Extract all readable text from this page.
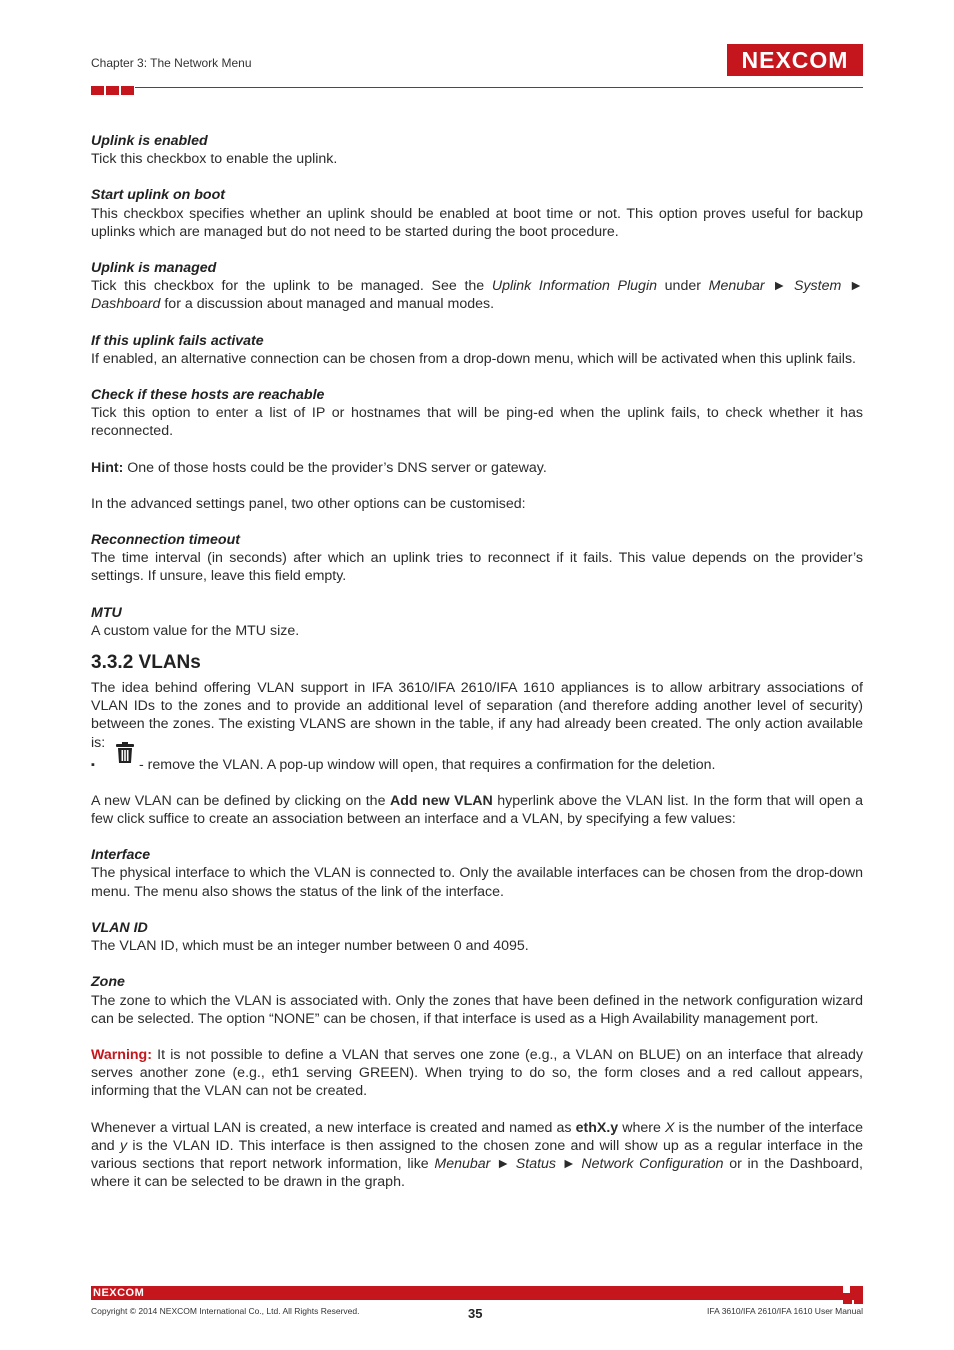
Chapter 3: The Network Menu	NEXCOM

Uplink is enabled

Tick this checkbox to enable the uplink.

Start uplink on boot

This checkbox specifies whether an uplink should be enabled at boot time or not. This option proves useful for backup uplinks which are managed but do not need to be started during the boot procedure.

Uplink is managed

Tick this checkbox for the uplink to be managed. See the Uplink Information Plugin under Menubar ► System ► Dashboard for a discussion about managed and manual modes.

If this uplink fails activate

If enabled, an alternative connection can be chosen from a drop-down menu, which will be activated when this uplink fails.

Check if these hosts are reachable

Tick this option to enter a list of IP or hostnames that will be ping-ed when the uplink fails, to check whether it has reconnected.

Hint: One of those hosts could be the provider’s DNS server or gateway.

In the advanced settings panel, two other options can be customised:

Reconnection timeout

The time interval (in seconds) after which an uplink tries to reconnect if it fails. This value depends on the provider’s settings. If unsure, leave this field empty.

MTU

A custom value for the MTU size.

3.3.2 VLANs

The idea behind offering VLAN support in IFA 3610/IFA 2610/IFA 1610 appliances is to allow arbitrary associations of VLAN IDs to the zones and to provide an additional level of separation (and therefore adding another level of security) between the zones. The existing VLANS are shown in the table, if any had already been created. The only action available is:

▪	- remove the VLAN. A pop-up window will open, that requires a confirmation for the deletion.

A new VLAN can be defined by clicking on the Add new VLAN hyperlink above the VLAN list. In the form that will open a few click suffice to create an association between an interface and a VLAN, by specifying a few values:

Interface

The physical interface to which the VLAN is connected to. Only the available interfaces can be chosen from the drop-down menu. The menu also shows the status of the link of the interface.

VLAN ID

The VLAN ID, which must be an integer number between 0 and 4095.

Zone

The zone to which the VLAN is associated with. Only the zones that have been defined in the network configuration wizard can be selected. The option “NONE” can be chosen, if that interface is used as a High Availability management port.

Warning: It is not possible to define a VLAN that serves one zone (e.g., a VLAN on BLUE) on an interface that already serves another zone (e.g., eth1 serving GREEN). When trying to do so, the form closes and a red callout appears, informing that the VLAN can not be created.

Whenever a virtual LAN is created, a new interface is created and named as ethX.y where X is the number of the interface and y is the VLAN ID. This interface is then assigned to the chosen zone and will show up as a regular interface in the various sections that report network information, like Menubar ► Status ► Network Configuration or in the Dashboard, where it can be selected to be drawn in the graph.

NEXCOM
Copyright © 2014 NEXCOM International Co., Ltd. All Rights Reserved.	35	IFA 3610/IFA 2610/IFA 1610 User Manual
